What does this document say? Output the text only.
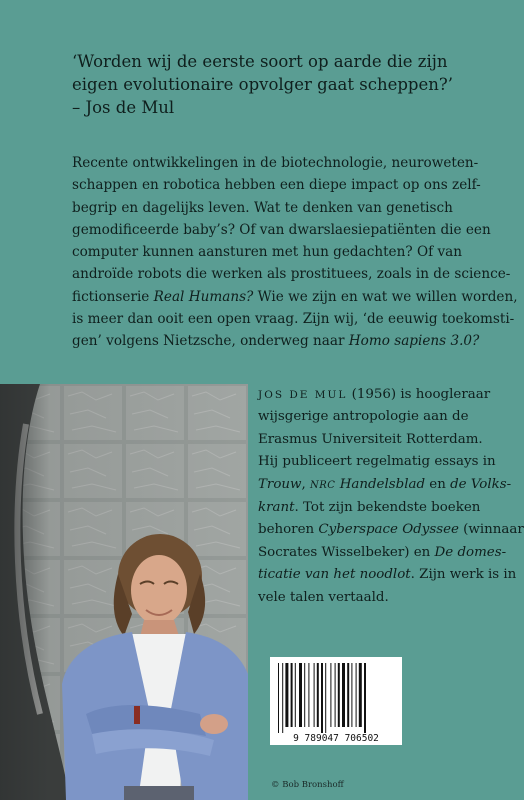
‘Worden wij de eerste soort op aarde die zijn
eigen evolutionaire opvolger gaat scheppen?’
– Jos de Mul
Recente ontwikkelingen in de biotechnologie, neuroweten-
schappen en robotica hebben een diepe impact op ons zelf-
begrip en dagelijks leven. Wat te denken van genetisch
gemodificeerde baby’s? Of van dwarslaesiepatiënten die een
computer kunnen aansturen met hun gedachten? Of van
androïde robots die werken als prostituees, zoals in de science-
fictionserie Real Humans? Wie we zijn en wat we willen worden,
is meer dan ooit een open vraag. Zijn wij, ‘de eeuwig toekomsti-
gen’ volgens Nietzsche, onderweg naar Homo sapiens 3.0?
JOS DE MUL (1956) is hoogleraar
wijsgerige antropologie aan de
Erasmus Universiteit Rotterdam.
Hij publiceert regelmatig essays in
Trouw, NRC Handelsblad en de Volks-
krant. Tot zijn bekendste boeken
behoren Cyberspace Odyssee (winnaar
Socrates Wisselbeker) en De domes-
ticatie van het noodlot. Zijn werk is in
vele talen vertaald.
9 789047 706502
© Bob Bronshoff
